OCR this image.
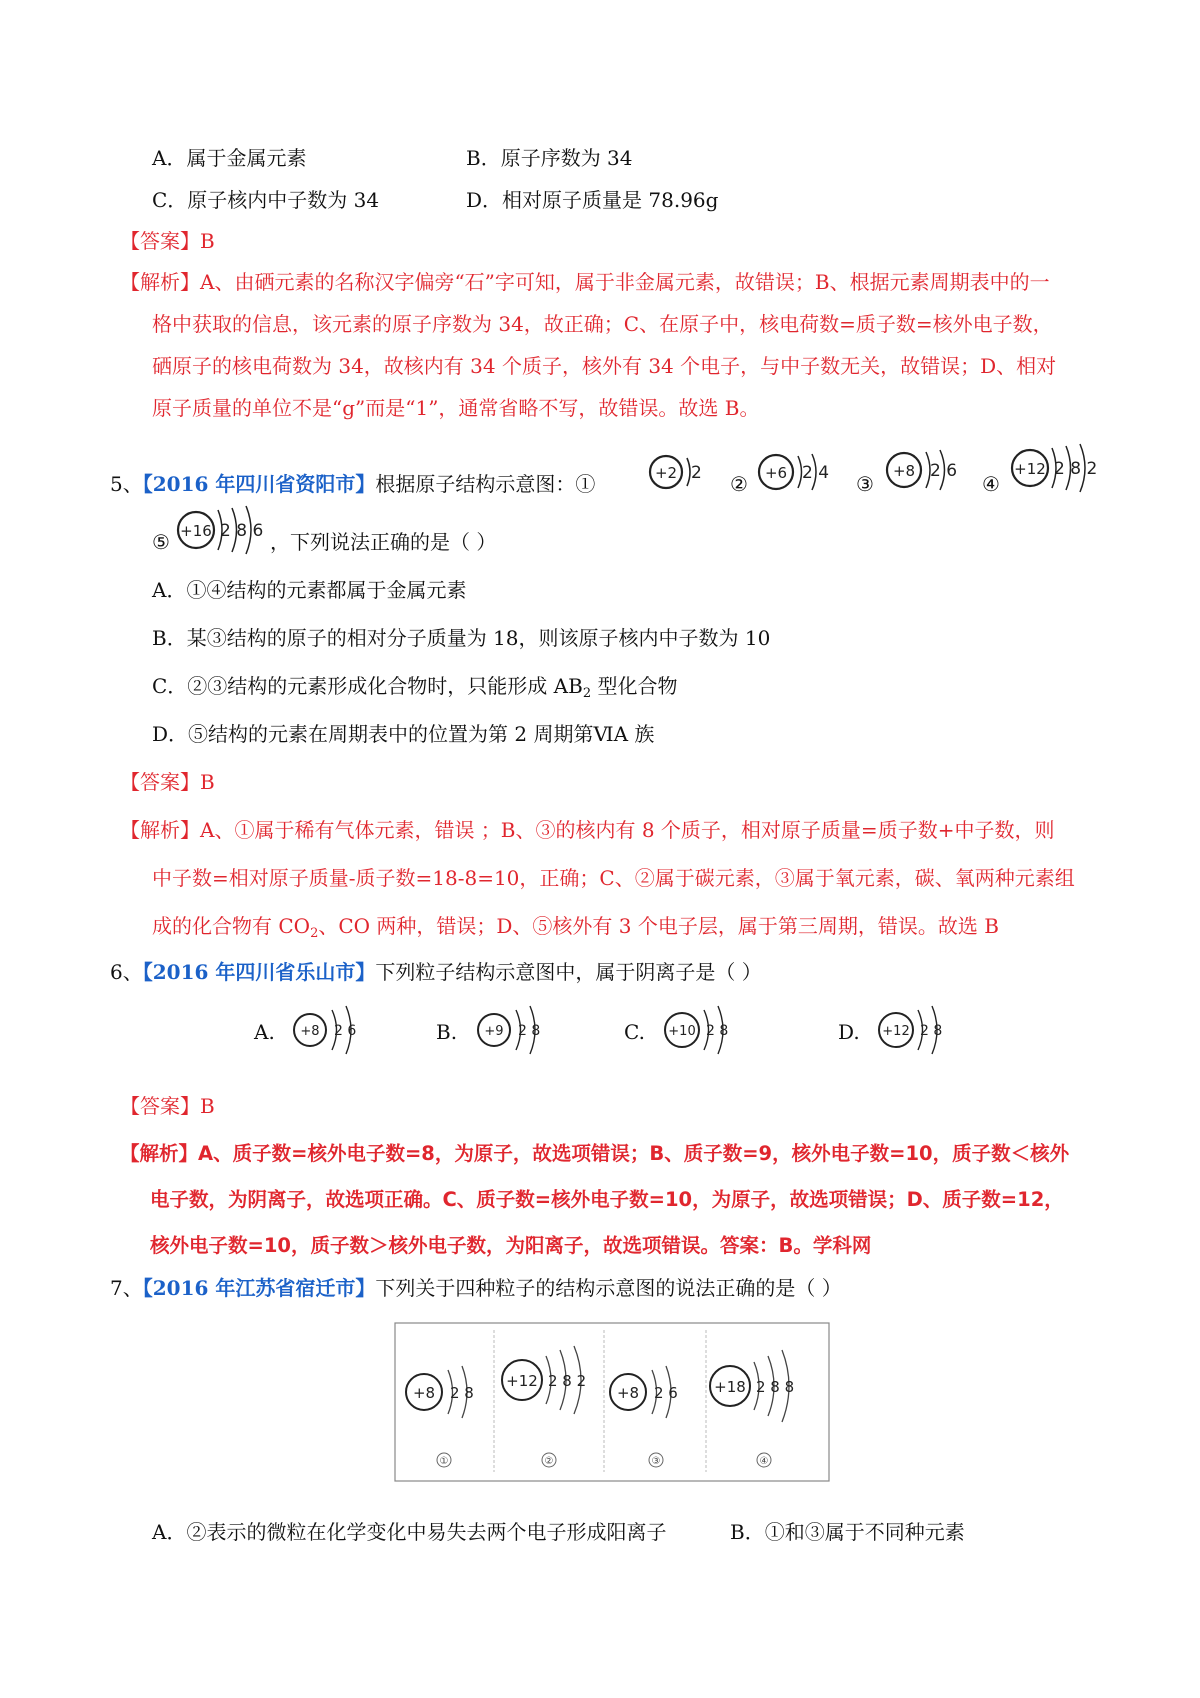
A．属于金属元素	B．原子序数为 34
C．原子核内中子数为 34	D．相对原子质量是 78.96g
【答案】B
【解析】A、由硒元素的名称汉字偏旁“石”字可知，属于非金属元素，故错误；B、根据元素周期表中的一
格中获取的信息，该元素的原子序数为 34，故正确；C、在原子中，核电荷数=质子数=核外电子数，
硒原子的核电荷数为 34，故核内有 34 个质子，核外有 34 个电子，与中子数无关，故错误；D、相对
原子质量的单位不是“g”而是“1”，通常省略不写，故错误。故选 B。
5、【2016 年四川省资阳市】根据原子结构示意图：①	+2 2 ② +6 2 4 ③
+8 2 6
④
+12 2 8 2
⑤ +16 2 8 6 ，下列说法正确的是（ ）
A．①④结构的元素都属于金属元素
B．某③结构的原子的相对分子质量为 18，则该原子核内中子数为 10
C．②③结构的元素形成化合物时，只能形成 $AB_2$ 型化合物
D．⑤结构的元素在周期表中的位置为第 2 周期第ⅥA 族
【答案】B
【解析】A、①属于稀有气体元素，错误 ；B、③的核内有 8 个质子，相对原子质量=质子数+中子数，则
中子数=相对原子质量-质子数=18-8=10，正确；C、②属于碳元素，③属于氧元素，碳、氧两种元素组
成的化合物有 $CO_2$、CO 两种，错误；D、⑤核外有 3 个电子层，属于第三周期，错误。故选 B
6、【2016 年四川省乐山市】下列粒子结构示意图中，属于阴离子是（ ）
A. +8 2 6	B. +9 2 8	C. +10 2 8	D. +12 2 8
【答案】B
【解析】A、质子数=核外电子数=8，为原子，故选项错误；B、质子数=9，核外电子数=10，质子数＜核外
电子数，为阴离子，故选项正确。C、质子数=核外电子数=10，为原子，故选项错误；D、质子数=12，
核外电子数=10，质子数＞核外电子数，为阳离子，故选项错误。答案：B。学科网
7、【2016 年江苏省宿迁市】下列关于四种粒子的结构示意图的说法正确的是（ ）
+8 2 8
①
+12 2 8 2
②
+8 2 6
③
+18 2 8 8
④
A．②表示的微粒在化学变化中易失去两个电子形成阳离子	B．①和③属于不同种元素
